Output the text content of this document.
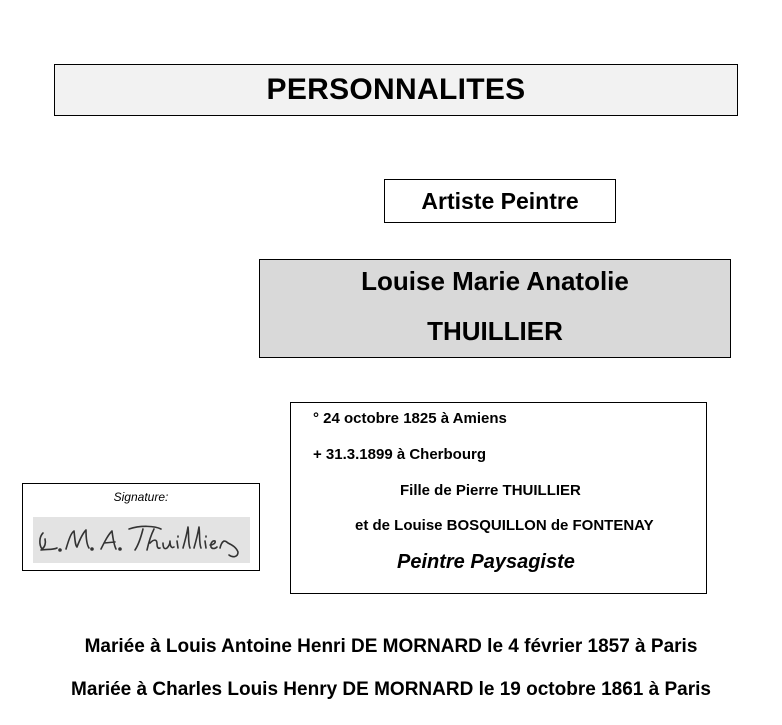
PERSONNALITES
Artiste Peintre
Louise Marie Anatolie
THUILLIER
° 24 octobre 1825 à Amiens
+ 31.3.1899 à Cherbourg
Fille de Pierre THUILLIER
et de Louise BOSQUILLON de FONTENAY
Peintre Paysagiste
Signature:
Mariée à Louis Antoine Henri DE MORNARD le 4 février 1857 à Paris
Mariée à Charles Louis Henry DE MORNARD le 19 octobre 1861 à Paris
